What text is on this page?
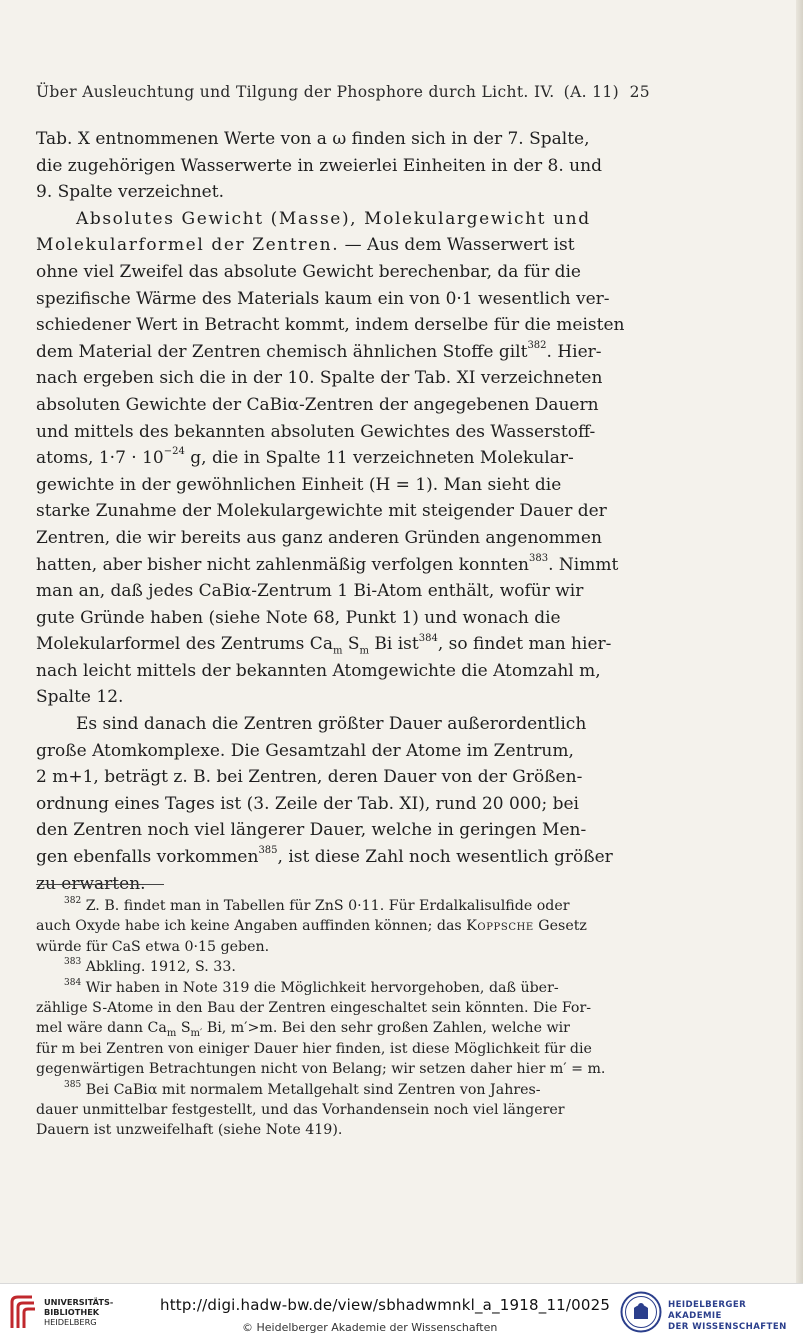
Über Ausleuchtung und Tilgung der Phosphore durch Licht. IV. (A. 11) 25
Tab. X entnommenen Werte von a ω finden sich in der 7. Spalte,
die zugehörigen Wasserwerte in zweierlei Einheiten in der 8. und
9. Spalte verzeichnet.
Absolutes Gewicht (Masse), Molekulargewicht und
Molekularformel der Zentren. — Aus dem Wasserwert ist
ohne viel Zweifel das absolute Gewicht berechenbar, da für die
spezifische Wärme des Materials kaum ein von 0·1 wesentlich ver-
schiedener Wert in Betracht kommt, indem derselbe für die meisten
dem Material der Zentren chemisch ähnlichen Stoffe gilt$^{382}$. Hier-
nach ergeben sich die in der 10. Spalte der Tab. XI verzeichneten
absoluten Gewichte der CaBiα-Zentren der angegebenen Dauern
und mittels des bekannten absoluten Gewichtes des Wasserstoff-
atoms, 1·7 · 10$^{-24}$ g, die in Spalte 11 verzeichneten Molekular-
gewichte in der gewöhnlichen Einheit (H = 1). Man sieht die
starke Zunahme der Molekulargewichte mit steigender Dauer der
Zentren, die wir bereits aus ganz anderen Gründen angenommen
hatten, aber bisher nicht zahlenmäßig verfolgen konnten$^{383}$. Nimmt
man an, daß jedes CaBiα-Zentrum 1 Bi-Atom enthält, wofür wir
gute Gründe haben (siehe Note 68, Punkt 1) und wonach die
Molekularformel des Zentrums $Ca_m$ $S_m$ Bi ist$^{384}$, so findet man hier-
nach leicht mittels der bekannten Atomgewichte die Atomzahl m,
Spalte 12.
Es sind danach die Zentren größter Dauer außerordentlich
große Atomkomplexe. Die Gesamtzahl der Atome im Zentrum,
2 m+1, beträgt z. B. bei Zentren, deren Dauer von der Größen-
ordnung eines Tages ist (3. Zeile der Tab. XI), rund 20 000; bei
den Zentren noch viel längerer Dauer, welche in geringen Men-
gen ebenfalls vorkommen$^{385}$, ist diese Zahl noch wesentlich größer
zu erwarten.
$^{382}$ Z. B. findet man in Tabellen für ZnS 0·11. Für Erdalkalisulfide oder
auch Oxyde habe ich keine Angaben auffinden können; das Koppsche Gesetz
würde für CaS etwa 0·15 geben.
$^{383}$ Abkling. 1912, S. 33.
$^{384}$ Wir haben in Note 319 die Möglichkeit hervorgehoben, daß über-
zählige S-Atome in den Bau der Zentren eingeschaltet sein könnten. Die For-
mel wäre dann $Ca_m$ $S_{m'}$ Bi, m′>m. Bei den sehr großen Zahlen, welche wir
für m bei Zentren von einiger Dauer hier finden, ist diese Möglichkeit für die
gegenwärtigen Betrachtungen nicht von Belang; wir setzen daher hier m′ = m.
$^{385}$ Bei CaBiα mit normalem Metallgehalt sind Zentren von Jahres-
dauer unmittelbar festgestellt, und das Vorhandensein noch viel längerer
Dauern ist unzweifelhaft (siehe Note 419).
UNIVERSITÄTS-
BIBLIOTHEK
HEIDELBERG
http://digi.hadw-bw.de/view/sbhadwmnkl_a_1918_11/0025
© Heidelberger Akademie der Wissenschaften
HEIDELBERGER AKADEMIE
DER WISSENSCHAFTEN
